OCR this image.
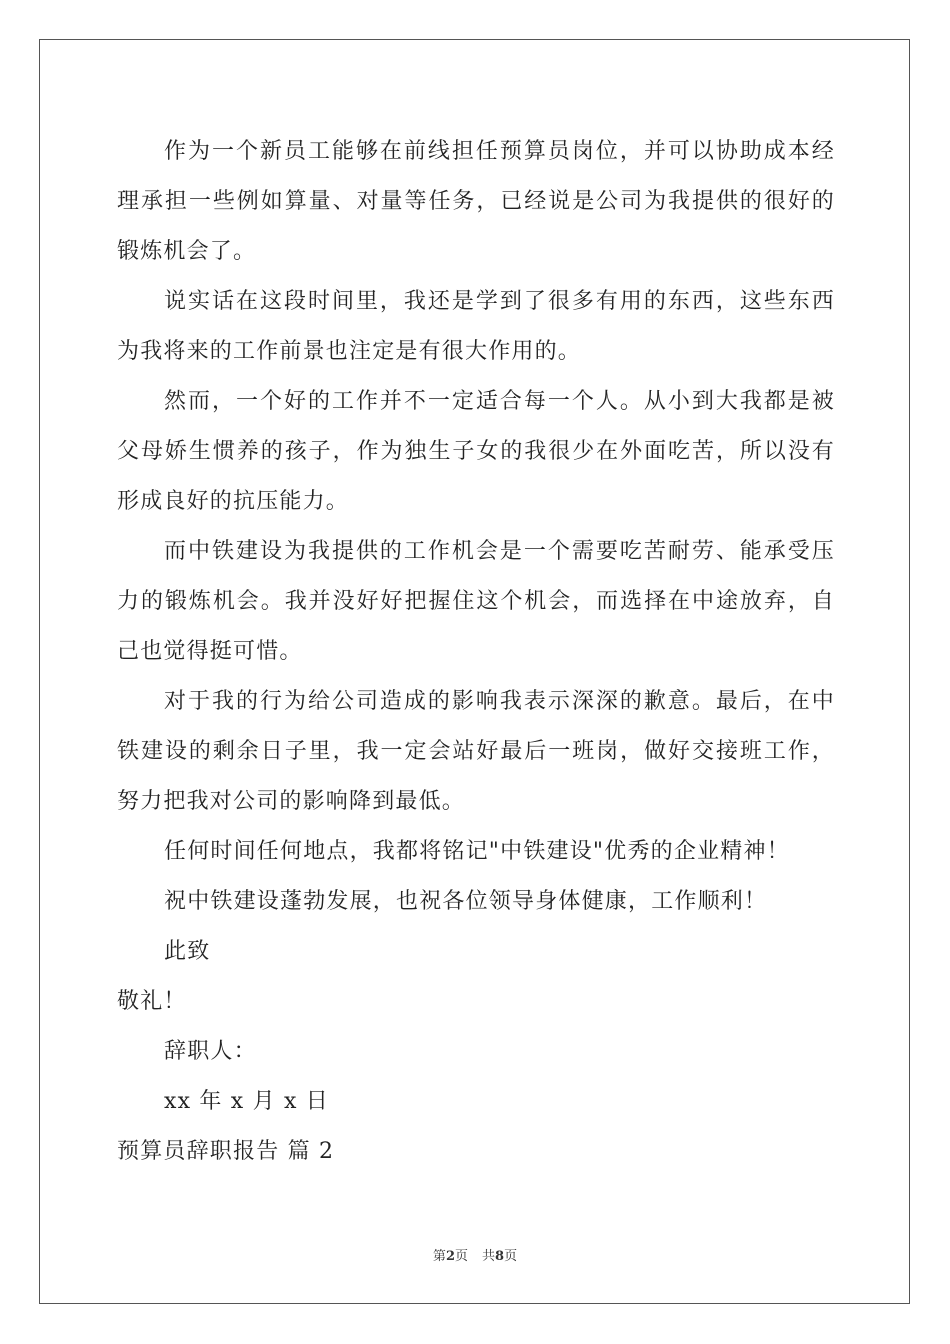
作为一个新员工能够在前线担任预算员岗位，并可以协助成本经理承担一些例如算量、对量等任务，已经说是公司为我提供的很好的锻炼机会了。

说实话在这段时间里，我还是学到了很多有用的东西，这些东西为我将来的工作前景也注定是有很大作用的。

然而，一个好的工作并不一定适合每一个人。从小到大我都是被父母娇生惯养的孩子，作为独生子女的我很少在外面吃苦，所以没有形成良好的抗压能力。

而中铁建设为我提供的工作机会是一个需要吃苦耐劳、能承受压力的锻炼机会。我并没好好把握住这个机会，而选择在中途放弃，自己也觉得挺可惜。

对于我的行为给公司造成的影响我表示深深的歉意。最后，在中铁建设的剩余日子里，我一定会站好最后一班岗，做好交接班工作，努力把我对公司的影响降到最低。

任何时间任何地点，我都将铭记"中铁建设"优秀的企业精神！

祝中铁建设蓬勃发展，也祝各位领导身体健康，工作顺利！

此致

敬礼！

辞职人：

xx 年 x 月 x 日

预算员辞职报告 篇 2

第2页 共8页
